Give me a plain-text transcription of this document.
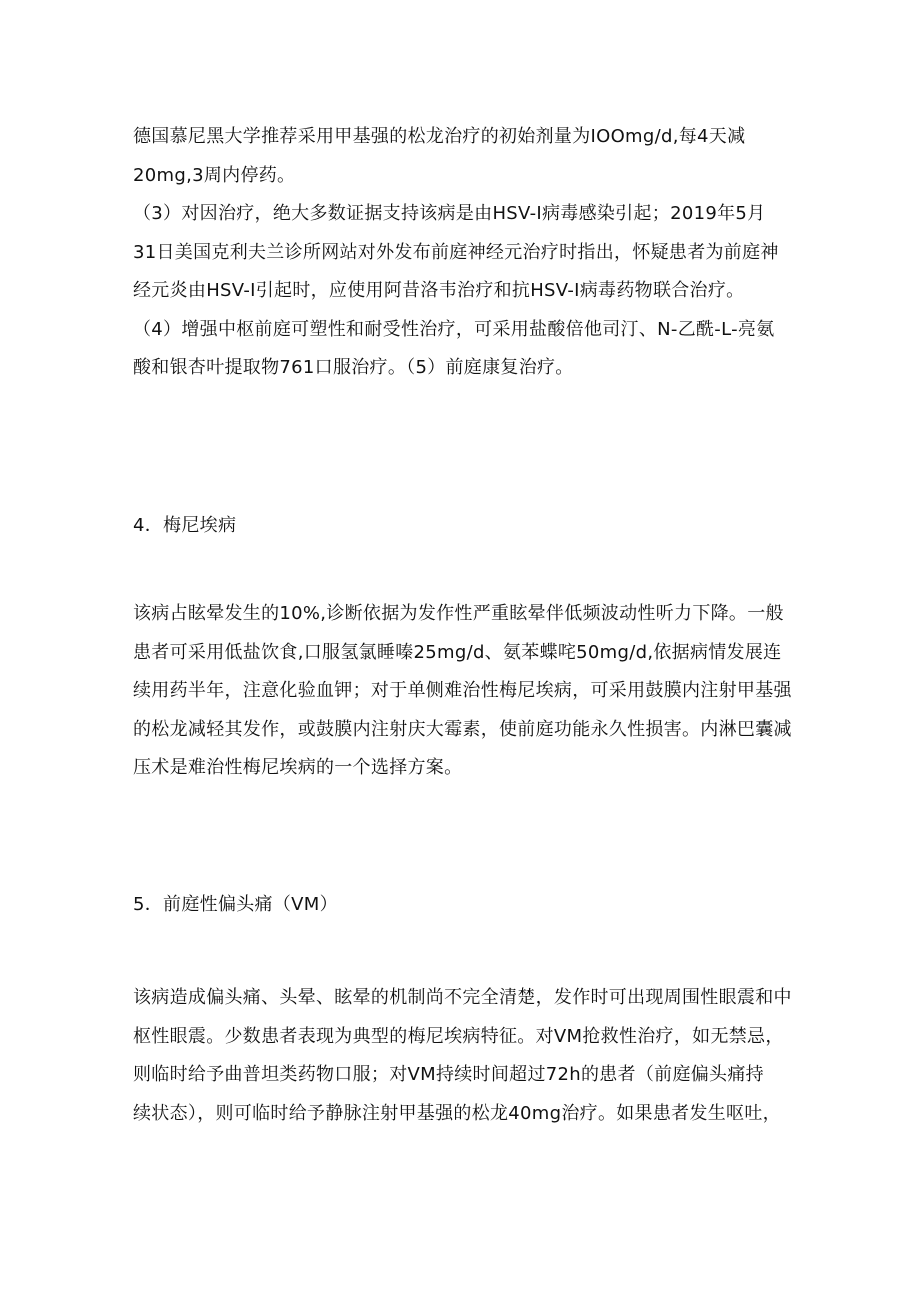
德国慕尼黑大学推荐采用甲基强的松龙治疗的初始剂量为IOOmg/d,每4天减
20mg,3周内停药。
（3）对因治疗，绝大多数证据支持该病是由HSV-I病毒感染引起；2019年5月
31日美国克利夫兰诊所网站对外发布前庭神经元治疗时指出，怀疑患者为前庭神
经元炎由HSV-I引起时，应使用阿昔洛韦治疗和抗HSV-I病毒药物联合治疗。
（4）增强中枢前庭可塑性和耐受性治疗，可采用盐酸倍他司汀、N-乙酰-L-亮氨
酸和银杏叶提取物761口服治疗。（5）前庭康复治疗。

4．梅尼埃病

该病占眩晕发生的10%,诊断依据为发作性严重眩晕伴低频波动性听力下降。一般
患者可采用低盐饮食,口服氢氯睡嗪25mg/d、氨苯蝶咤50mg/d,依据病情发展连
续用药半年，注意化验血钾；对于单侧难治性梅尼埃病，可采用鼓膜内注射甲基强
的松龙减轻其发作，或鼓膜内注射庆大霉素，使前庭功能永久性损害。内淋巴囊减
压术是难治性梅尼埃病的一个选择方案。

5．前庭性偏头痛（VM）

该病造成偏头痛、头晕、眩晕的机制尚不完全清楚，发作时可出现周围性眼震和中
枢性眼震。少数患者表现为典型的梅尼埃病特征。对VM抢救性治疗，如无禁忌，
则临时给予曲普坦类药物口服；对VM持续时间超过72h的患者（前庭偏头痛持
续状态），则可临时给予静脉注射甲基强的松龙40mg治疗。如果患者发生呕吐，
